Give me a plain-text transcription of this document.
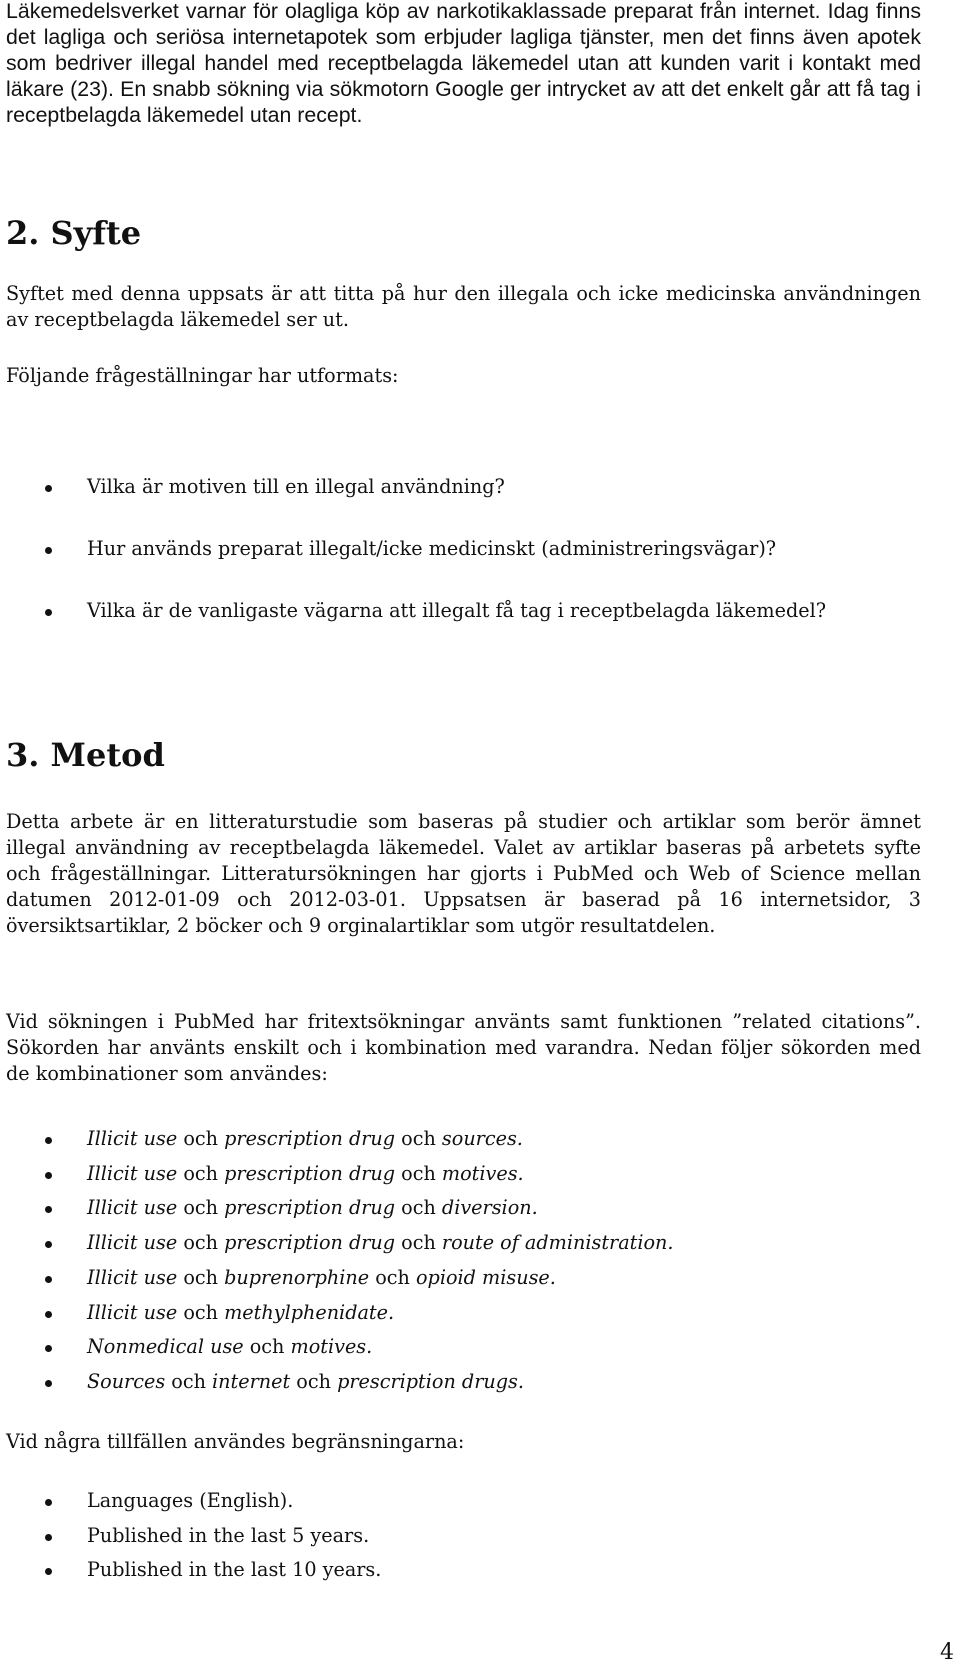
Läkemedelsverket varnar för olagliga köp av narkotikaklassade preparat från internet. Idag finns det lagliga och seriösa internetapotek som erbjuder lagliga tjänster, men det finns även apotek som bedriver illegal handel med receptbelagda läkemedel utan att kunden varit i kontakt med läkare (23). En snabb sökning via sökmotorn Google ger intrycket av att det enkelt går att få tag i receptbelagda läkemedel utan recept.

2. Syfte

Syftet med denna uppsats är att titta på hur den illegala och icke medicinska användningen av receptbelagda läkemedel ser ut.

Följande frågeställningar har utformats:

Vilka är motiven till en illegal användning?
Hur används preparat illegalt/icke medicinskt (administreringsvägar)?
Vilka är de vanligaste vägarna att illegalt få tag i receptbelagda läkemedel?
3. Metod

Detta arbete är en litteraturstudie som baseras på studier och artiklar som berör ämnet illegal användning av receptbelagda läkemedel. Valet av artiklar baseras på arbetets syfte och frågeställningar. Litteratursökningen har gjorts i PubMed och Web of Science mellan datumen 2012-01-09 och 2012-03-01. Uppsatsen är baserad på 16 internetsidor, 3 översiktsartiklar, 2 böcker och 9 orginalartiklar som utgör resultatdelen.

Vid sökningen i PubMed har fritextsökningar använts samt funktionen ”related citations”. Sökorden har använts enskilt och i kombination med varandra. Nedan följer sökorden med de kombinationer som användes:

Illicit use och prescription drug och sources.
Illicit use och prescription drug och motives.
Illicit use och prescription drug och diversion.
Illicit use och prescription drug och route of administration.
Illicit use och buprenorphine och opioid misuse.
Illicit use och methylphenidate.
Nonmedical use och motives.
Sources och internet och prescription drugs.

Vid några tillfällen användes begränsningarna:

Languages (English).
Published in the last 5 years.
Published in the last 10 years.
4
